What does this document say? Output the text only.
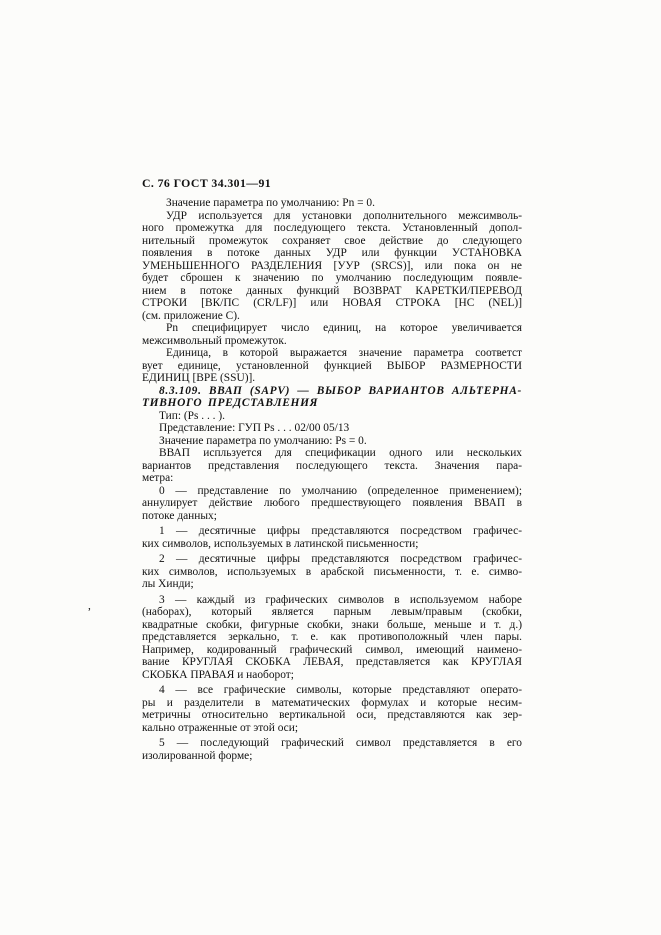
С. 76 ГОСТ 34.301—91
Значение параметра по умолчанию: Pn = 0.
УДР используется для установки дополнительного межсимволь-
ного промежутка для последующего текста. Установленный допол-
нительный промежуток сохраняет свое действие до следующего
появления в потоке данных УДР или функции УСТАНОВКА
УМЕНЬШЕННОГО РАЗДЕЛЕНИЯ [УУР (SRCS)], или пока он не
будет сброшен к значению по умолчанию последующим появле-
нием в потоке данных функций ВОЗВРАТ КАРЕТКИ/ПЕРЕВОД
СТРОКИ [ВК/ПС (CR/LF)] или НОВАЯ СТРОКА [НС (NEL)]
(см. приложение С).
Pn специфицирует число единиц, на которое увеличивается
межсимвольный промежуток.
Единица, в которой выражается значение параметра соответст
вует единице, установленной функцией ВЫБОР РАЗМЕРНОСТИ
ЕДИНИЦ [ВРЕ (SSU)].
8.3.109. ВВАП (SAPV) — ВЫБОР ВАРИАНТОВ АЛЬТЕРНА-
ТИВНОГО ПРЕДСТАВЛЕНИЯ
Тип: (Ps . . . ).
Представление: ГУП Ps . . . 02/00 05/13
Значение параметра по умолчанию: Ps = 0.
ВВАП испльзуется для спецификации одного или нескольких
вариантов представления последующего текста. Значения пара-
метра:
0 — представление по умолчанию (определенное применением);
аннулирует действие любого предшествующего появления ВВАП в
потоке данных;
1 — десятичные цифры представляются посредством графичес-
ких символов, используемых в латинской письменности;
2 — десятичные цифры представляются посредством графичес-
ких символов, используемых в арабской письменности, т. е. симво-
лы Хинди;
3 — каждый из графических символов в используемом наборе
(наборах), который является парным левым/правым (скобки,
квадратные скобки, фигурные скобки, знаки больше, меньше и т. д.)
представляется зеркально, т. е. как противоположный член пары.
Например, кодированный графический символ, имеющий наимено-
вание КРУГЛАЯ СКОБКА ЛЕВАЯ, представляется как КРУГЛАЯ
СКОБКА ПРАВАЯ и наоборот;
4 — все графические символы, которые представляют операто-
ры и разделители в математических формулах и которые несим-
метричны относительно вертикальной оси, представляются как зер-
кально отраженные от этой оси;
5 — последующий графический символ представляется в его
изолированной форме;
,
